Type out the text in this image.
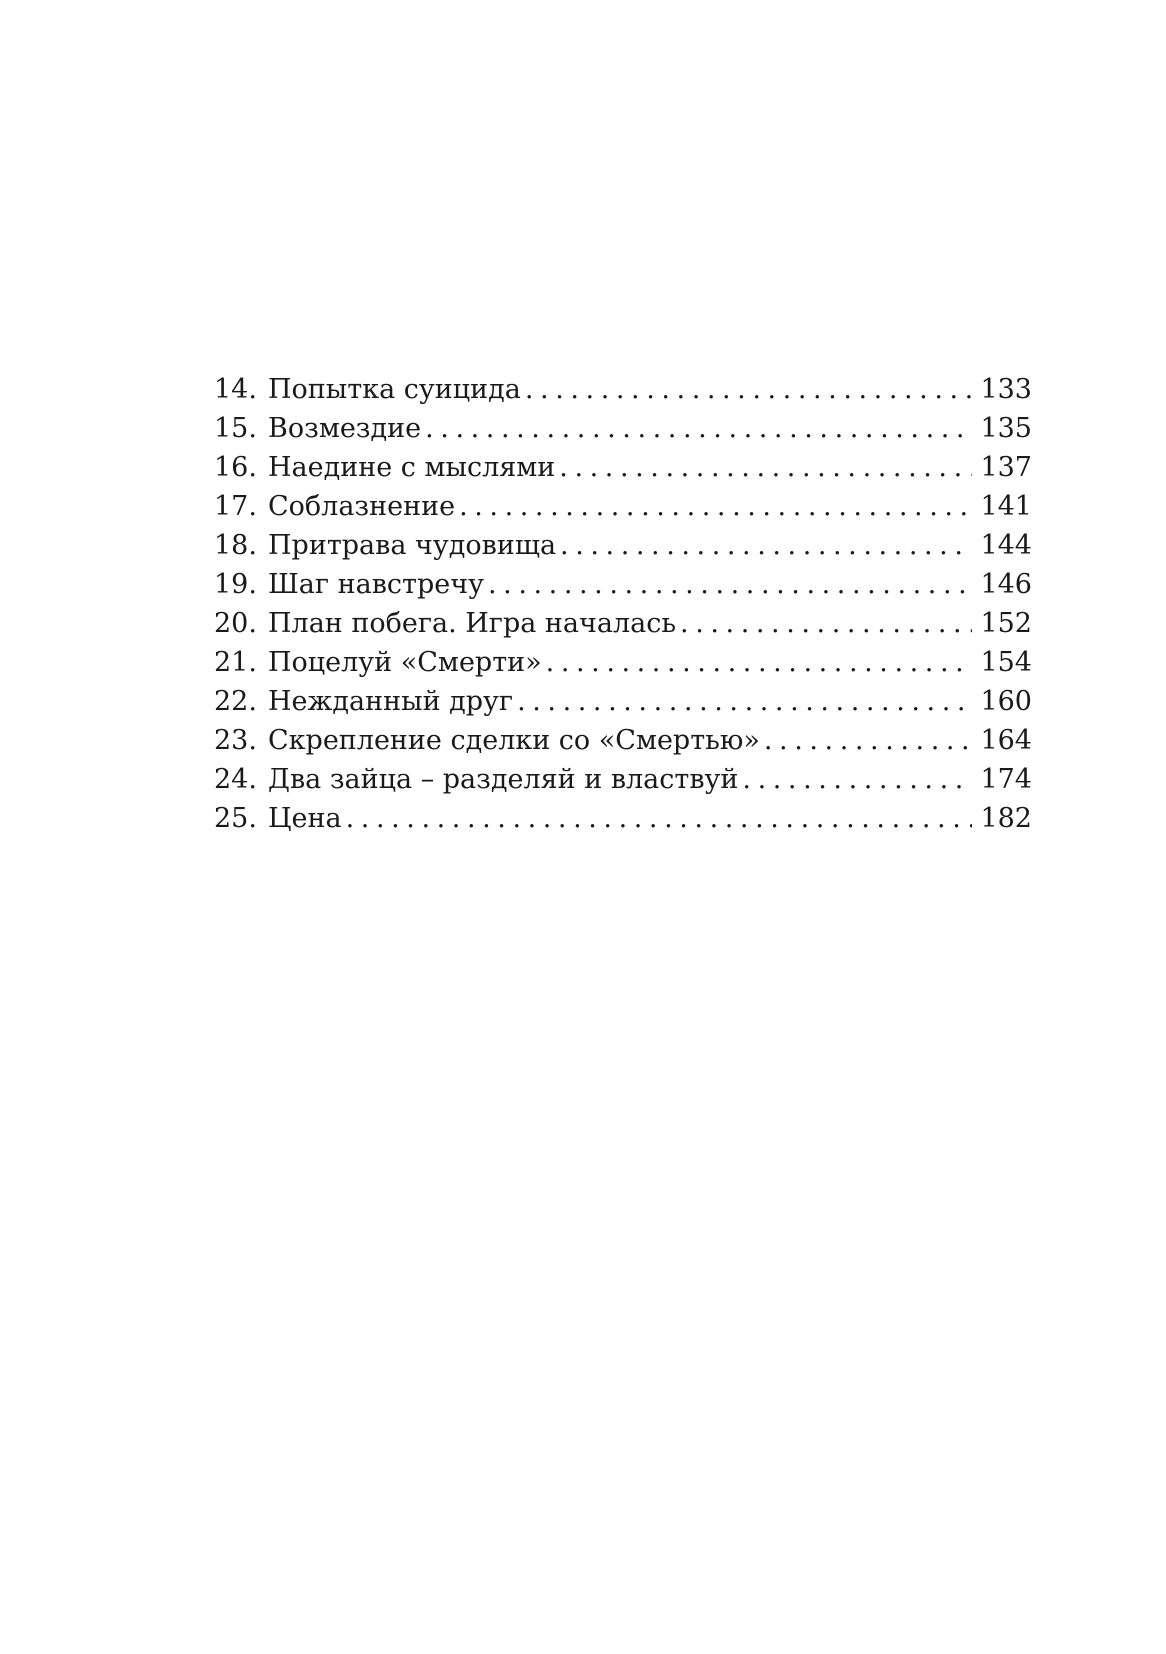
14. Попытка суицида . . .	133
15. Возмездие . . .	135
16. Наедине с мыслями . . .	137
17. Соблазнение . . .	141
18. Притрава чудовища . . .	144
19. Шаг навстречу . . .	146
20. План побега. Игра началась . . .	152
21. Поцелуй «Смерти» . . .	154
22. Нежданный друг . . .	160
23. Скрепление сделки со «Смертью» . . .	164
24. Два зайца – разделяй и властвуй . . .	174
25. Цена . . .	182
